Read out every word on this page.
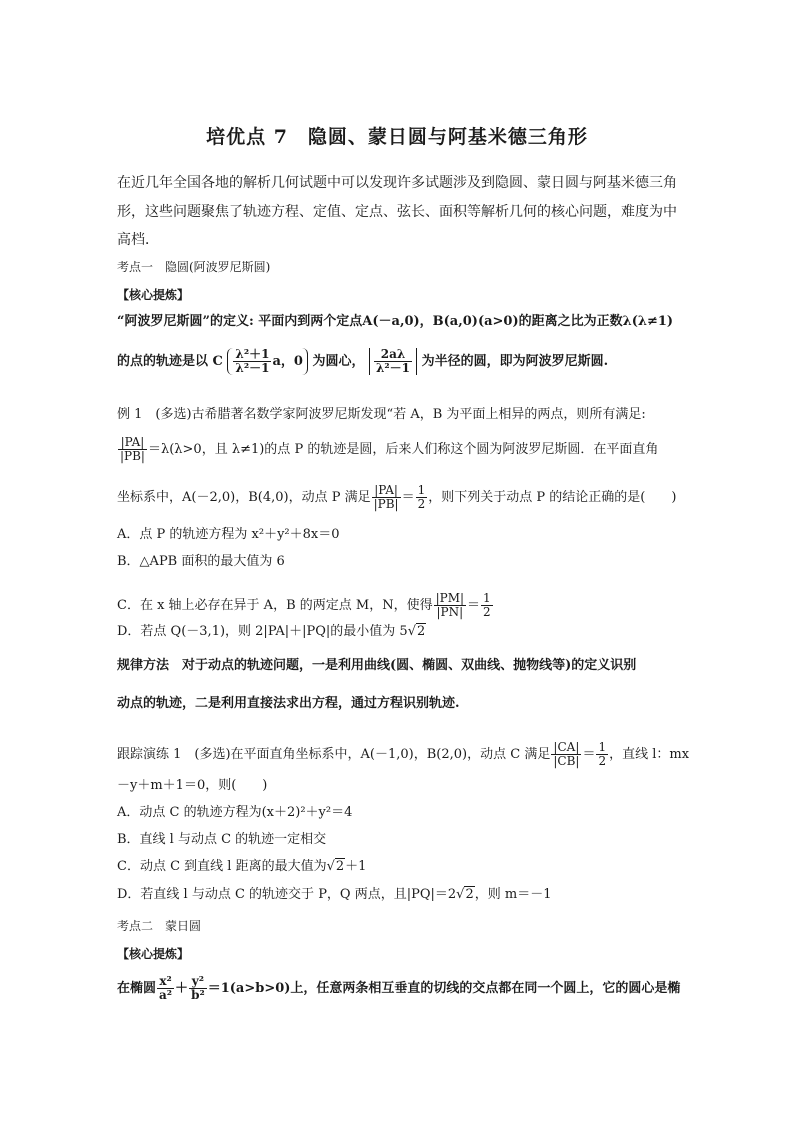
培优点 7　隐圆、蒙日圆与阿基米德三角形
在近几年全国各地的解析几何试题中可以发现许多试题涉及到隐圆、蒙日圆与阿基米德三角
形，这些问题聚焦了轨迹方程、定值、定点、弦长、面积等解析几何的核心问题，难度为中
高档．
考点一　隐圆(阿波罗尼斯圆)
【核心提炼】
“阿波罗尼斯圆”的定义: 平面内到两个定点A(－a,0)，B(a,0)(a>0)的距离之比为正数λ(λ≠1)
的点的轨迹是以 C $\frac{\text{λ²＋1}}{\text{λ²－1}}$ a，0 为圆心， $\frac{2a\lambda}{\text{λ²－1}}$ 为半径的圆，即为阿波罗尼斯圆.
例 1　(多选)古希腊著名数学家阿波罗尼斯发现“若 A，B 为平面上相异的两点，则所有满足:
$\frac{|PA|}{|PB|} =\lambda(\lambda>0$，且 λ≠1)的点 P 的轨迹是圆，后来人们称这个圆为阿波罗尼斯圆．在平面直角
坐标系中，A(－2,0)，B(4,0)，动点 P 满足 $\frac{|PA|}{|PB|} = \frac{1}{2}$ ，则下列关于动点 P 的结论正确的是(　　)
A．点 P 的轨迹方程为 x²＋y²＋8x＝0
B．△APB 面积的最大值为 6
C．在 x 轴上必存在异于 A，B 的两定点 M，N，使得 $\frac{|PM|}{|PN|} = \frac{1}{2}$
D．若点 Q(－3,1)，则 2|PA|＋|PQ|的最小值为 5√2
规律方法　对于动点的轨迹问题，一是利用曲线(圆、椭圆、双曲线、抛物线等)的定义识别
动点的轨迹，二是利用直接法求出方程，通过方程识别轨迹.
跟踪演练 1　(多选)在平面直角坐标系中，A(－1,0)，B(2,0)，动点 C 满足 $\frac{|CA|}{|CB|} = \frac{1}{2}$ ，直线 l：mx
－y＋m＋1＝0，则(　　)
A．动点 C 的轨迹方程为(x＋2)²＋y²＝4
B．直线 l 与动点 C 的轨迹一定相交
C．动点 C 到直线 l 距离的最大值为√2＋1
D．若直线 l 与动点 C 的轨迹交于 P，Q 两点，且|PQ|＝2√2，则 m＝－1
考点二　蒙日圆
【核心提炼】
在椭圆 $\frac{\text{x²}}{\text{a²}} + \frac{\text{y²}}{\text{b²}} =1(a>b>0)$上，任意两条相互垂直的切线的交点都在同一个圆上，它的圆心是椭
